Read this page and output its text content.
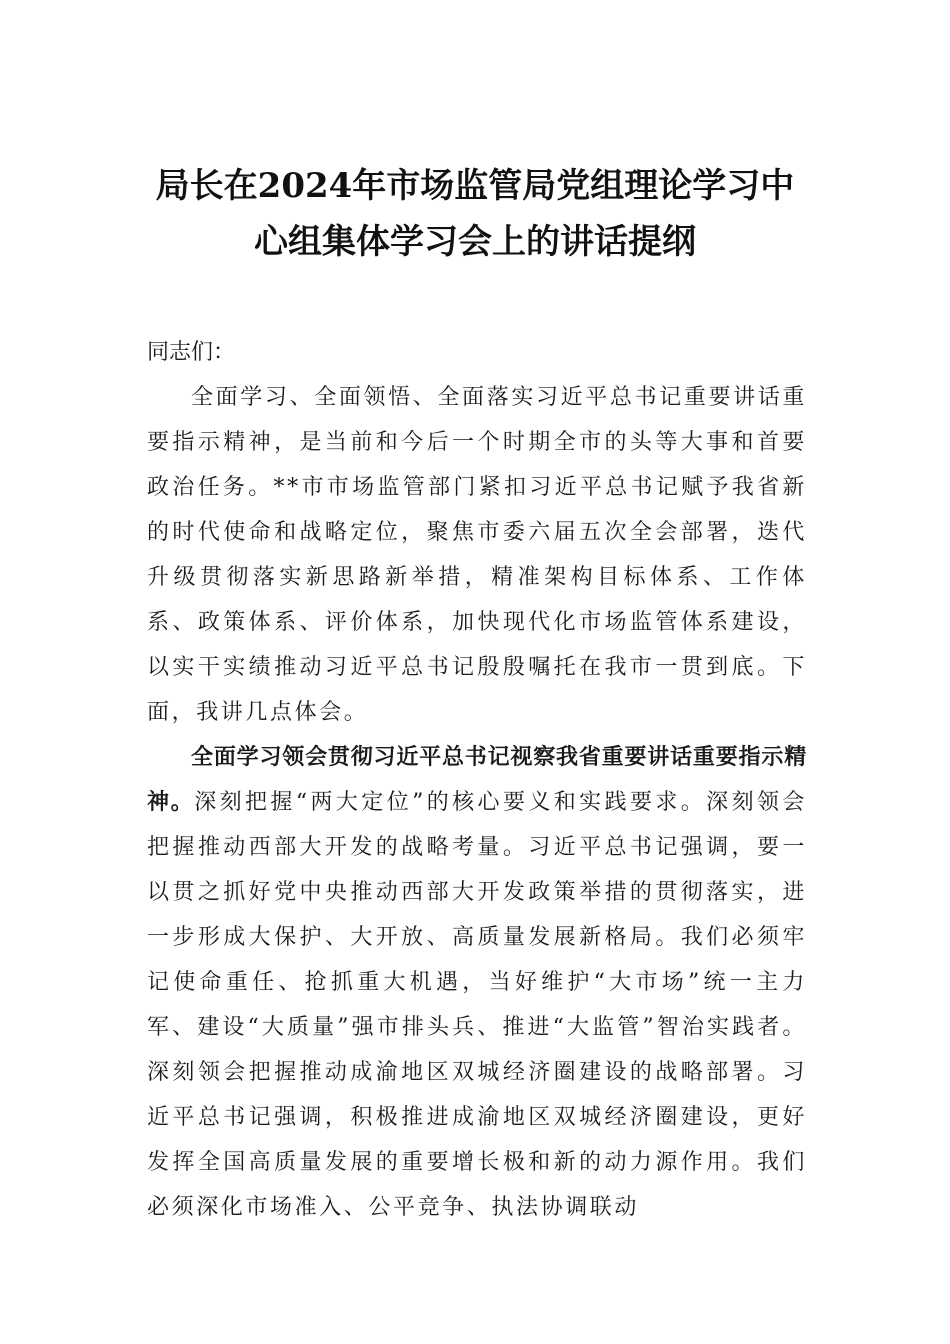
局长在2024年市场监管局党组理论学习中
心组集体学习会上的讲话提纲

同志们：

全面学习、全面领悟、全面落实习近平总书记重要讲话重要指示精神，是当前和今后一个时期全市的头等大事和首要政治任务。**市市场监管部门紧扣习近平总书记赋予我省新的时代使命和战略定位，聚焦市委六届五次全会部署，迭代升级贯彻落实新思路新举措，精准架构目标体系、工作体系、政策体系、评价体系，加快现代化市场监管体系建设，以实干实绩推动习近平总书记殷殷嘱托在我市一贯到底。下面，我讲几点体会。

全面学习领会贯彻习近平总书记视察我省重要讲话重要指示精神。深刻把握“两大定位”的核心要义和实践要求。深刻领会把握推动西部大开发的战略考量。习近平总书记强调，要一以贯之抓好党中央推动西部大开发政策举措的贯彻落实，进一步形成大保护、大开放、高质量发展新格局。我们必须牢记使命重任、抢抓重大机遇，当好维护“大市场”统一主力军、建设“大质量”强市排头兵、推进“大监管”智治实践者。深刻领会把握推动成渝地区双城经济圈建设的战略部署。习近平总书记强调，积极推进成渝地区双城经济圈建设，更好发挥全国高质量发展的重要增长极和新的动力源作用。我们必须深化市场准入、公平竞争、执法协调联动
